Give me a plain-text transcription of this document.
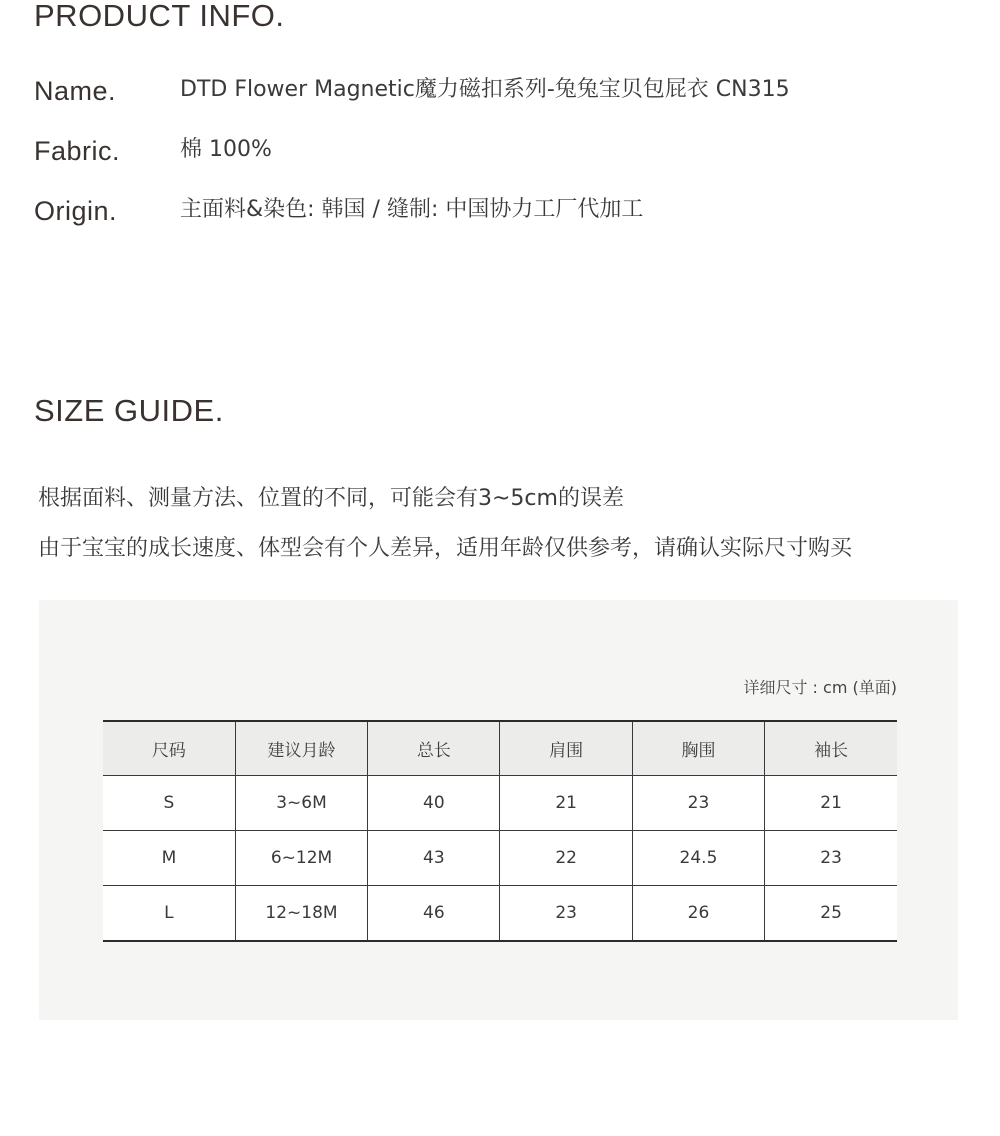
PRODUCT INFO.
Name.	DTD Flower Magnetic魔力磁扣系列-兔兔宝贝包屁衣 CN315
Fabric.	棉 100%
Origin.	主面料&染色: 韩国 / 缝制: 中国协力工厂代加工
SIZE GUIDE.

根据面料、测量方法、位置的不同，可能会有3~5cm的误差

由于宝宝的成长速度、体型会有个人差异，适用年龄仅供参考，请确认实际尺寸购买

详细尺寸 : cm (单面)
尺码	建议月龄	总长	肩围	胸围	袖长
S	3~6M	40	21	23	21
M	6~12M	43	22	24.5	23
L	12~18M	46	23	26	25
